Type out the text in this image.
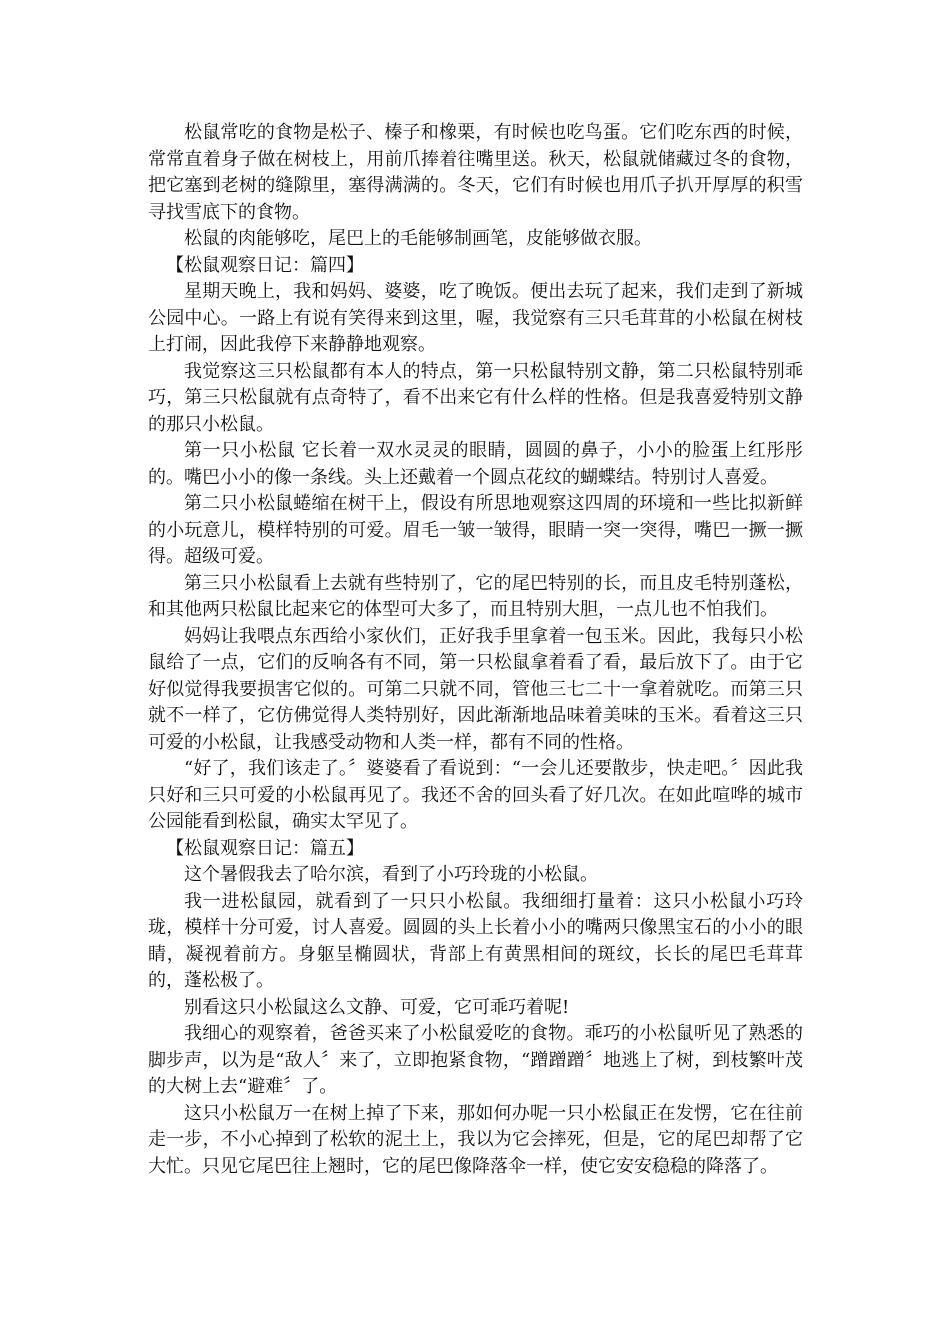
松鼠常吃的食物是松子、榛子和橡栗，有时候也吃鸟蛋。它们吃东西的时候，常常直着身子做在树枝上，用前爪捧着往嘴里送。秋天，松鼠就储藏过冬的食物，把它塞到老树的缝隙里，塞得满满的。冬天，它们有时候也用爪子扒开厚厚的积雪寻找雪底下的食物。

松鼠的肉能够吃，尾巴上的毛能够制画笔，皮能够做衣服。

【松鼠观察日记：篇四】

星期天晚上，我和妈妈、婆婆，吃了晚饭。便出去玩了起来，我们走到了新城公园中心。一路上有说有笑得来到这里，喔，我觉察有三只毛茸茸的小松鼠在树枝上打闹，因此我停下来静静地观察。

我觉察这三只松鼠都有本人的特点，第一只松鼠特别文静，第二只松鼠特别乖巧，第三只松鼠就有点奇特了，看不出来它有什么样的性格。但是我喜爱特别文静的那只小松鼠。

第一只小松鼠 它长着一双水灵灵的眼睛，圆圆的鼻子，小小的脸蛋上红彤彤的。嘴巴小小的像一条线。头上还戴着一个圆点花纹的蝴蝶结。特别讨人喜爱。

第二只小松鼠蜷缩在树干上，假设有所思地观察这四周的环境和一些比拟新鲜的小玩意儿，模样特别的可爱。眉毛一皱一皱得，眼睛一突一突得，嘴巴一撅一撅得。超级可爱。

第三只小松鼠看上去就有些特别了，它的尾巴特别的长，而且皮毛特别蓬松，和其他两只松鼠比起来它的体型可大多了，而且特别大胆，一点儿也不怕我们。

妈妈让我喂点东西给小家伙们，正好我手里拿着一包玉米。因此，我每只小松鼠给了一点，它们的反响各有不同，第一只松鼠拿着看了看，最后放下了。由于它好似觉得我要损害它似的。可第二只就不同，管他三七二十一拿着就吃。而第三只就不一样了，它仿佛觉得人类特别好，因此渐渐地品味着美味的玉米。看着这三只可爱的小松鼠，让我感受动物和人类一样，都有不同的性格。

“好了，我们该走了。〞婆婆看了看说到：“一会儿还要散步，快走吧。〞因此我只好和三只可爱的小松鼠再见了。我还不舍的回头看了好几次。在如此喧哗的城市公园能看到松鼠，确实太罕见了。

【松鼠观察日记：篇五】

这个暑假我去了哈尔滨，看到了小巧玲珑的小松鼠。

我一进松鼠园，就看到了一只只小松鼠。我细细打量着：这只小松鼠小巧玲珑，模样十分可爱，讨人喜爱。圆圆的头上长着小小的嘴两只像黑宝石的小小的眼睛，凝视着前方。身躯呈椭圆状，背部上有黄黑相间的斑纹，长长的尾巴毛茸茸的，蓬松极了。

别看这只小松鼠这么文静、可爱，它可乖巧着呢!

我细心的观察着，爸爸买来了小松鼠爱吃的食物。乖巧的小松鼠听见了熟悉的脚步声，以为是“敌人〞来了，立即抱紧食物，“蹭蹭蹭〞地逃上了树，到枝繁叶茂的大树上去“避难〞了。

这只小松鼠万一在树上掉了下来，那如何办呢一只小松鼠正在发愣，它在往前走一步，不小心掉到了松软的泥土上，我以为它会摔死，但是，它的尾巴却帮了它大忙。只见它尾巴往上翘时，它的尾巴像降落伞一样，使它安安稳稳的降落了。
